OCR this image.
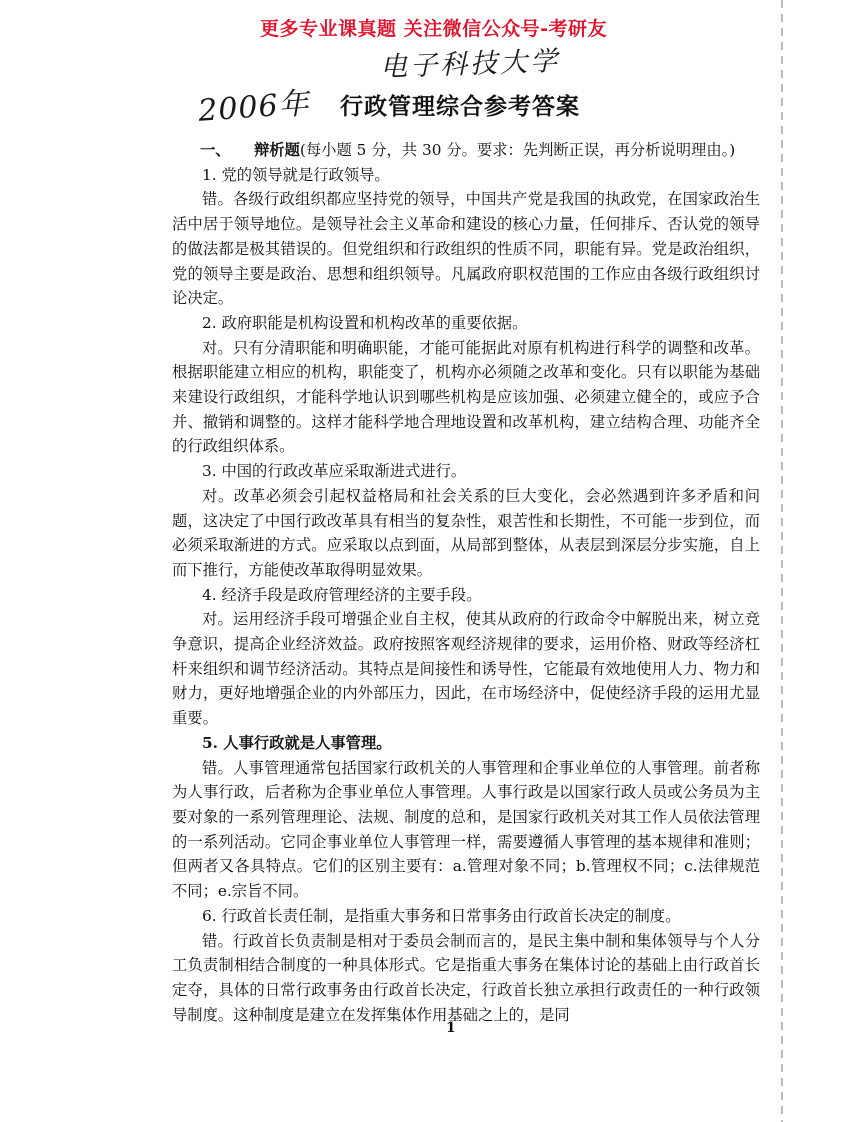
更多专业课真题 关注微信公众号-考研友
电子科技大学
2006年 行政管理综合参考答案

一、 辩析题(每小题 5 分，共 30 分。要求：先判断正误，再分析说明理由。)

1. 党的领导就是行政领导。

错。各级行政组织都应坚持党的领导，中国共产党是我国的执政党，在国家政治生活中居于领导地位。是领导社会主义革命和建设的核心力量，任何排斥、否认党的领导的做法都是极其错误的。但党组织和行政组织的性质不同，职能有异。党是政治组织，党的领导主要是政治、思想和组织领导。凡属政府职权范围的工作应由各级行政组织讨论决定。

2. 政府职能是机构设置和机构改革的重要依据。

对。只有分清职能和明确职能，才能可能据此对原有机构进行科学的调整和改革。根据职能建立相应的机构，职能变了，机构亦必须随之改革和变化。只有以职能为基础来建设行政组织，才能科学地认识到哪些机构是应该加强、必须建立健全的，或应予合并、撤销和调整的。这样才能科学地合理地设置和改革机构，建立结构合理、功能齐全的行政组织体系。

3. 中国的行政改革应采取渐进式进行。

对。改革必须会引起权益格局和社会关系的巨大变化，会必然遇到许多矛盾和问题，这决定了中国行政改革具有相当的复杂性，艰苦性和长期性，不可能一步到位，而必须采取渐进的方式。应采取以点到面，从局部到整体，从表层到深层分步实施，自上而下推行，方能使改革取得明显效果。

4. 经济手段是政府管理经济的主要手段。

对。运用经济手段可增强企业自主权，使其从政府的行政命令中解脱出来，树立竞争意识，提高企业经济效益。政府按照客观经济规律的要求，运用价格、财政等经济杠杆来组织和调节经济活动。其特点是间接性和诱导性，它能最有效地使用人力、物力和财力，更好地增强企业的内外部压力，因此，在市场经济中，促使经济手段的运用尤显重要。

5. 人事行政就是人事管理。

错。人事管理通常包括国家行政机关的人事管理和企事业单位的人事管理。前者称为人事行政，后者称为企事业单位人事管理。人事行政是以国家行政人员或公务员为主要对象的一系列管理理论、法规、制度的总和，是国家行政机关对其工作人员依法管理的一系列活动。它同企事业单位人事管理一样，需要遵循人事管理的基本规律和准则；但两者又各具特点。它们的区别主要有：a.管理对象不同；b.管理权不同；c.法律规范不同；e.宗旨不同。

6. 行政首长责任制，是指重大事务和日常事务由行政首长决定的制度。

错。行政首长负责制是相对于委员会制而言的，是民主集中制和集体领导与个人分工负责制相结合制度的一种具体形式。它是指重大事务在集体讨论的基础上由行政首长定夺，具体的日常行政事务由行政首长决定，行政首长独立承担行政责任的一种行政领导制度。这种制度是建立在发挥集体作用基础之上的，是同

1
